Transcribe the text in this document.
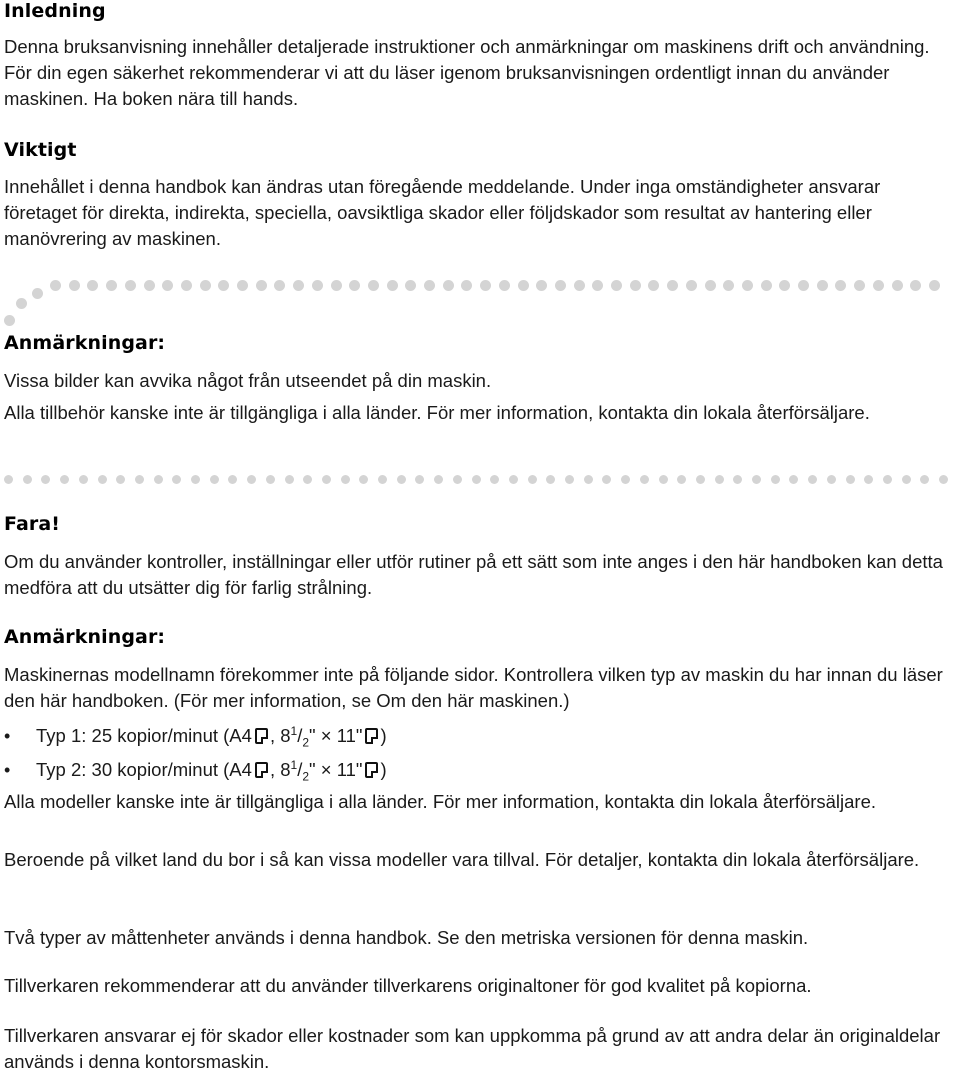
Inledning
Denna bruksanvisning innehåller detaljerade instruktioner och anmärkningar om maskinens drift och användning. För din egen säkerhet rekommenderar vi att du läser igenom bruksanvisningen ordentligt innan du använder maskinen. Ha boken nära till hands.
Viktigt
Innehållet i denna handbok kan ändras utan föregående meddelande. Under inga omständigheter ansvarar företaget för direkta, indirekta, speciella, oavsiktliga skador eller följdskador som resultat av hantering eller manövrering av maskinen.
Anmärkningar:
Vissa bilder kan avvika något från utseendet på din maskin.
Alla tillbehör kanske inte är tillgängliga i alla länder. För mer information, kontakta din lokala återförsäljare.
Fara!
Om du använder kontroller, inställningar eller utför rutiner på ett sätt som inte anges i den här handboken kan detta medföra att du utsätter dig för farlig strålning.
Anmärkningar:
Maskinernas modellnamn förekommer inte på följande sidor. Kontrollera vilken typ av maskin du har innan du läser den här handboken. (För mer information, se Om den här maskinen.)
• Typ 1: 25 kopior/minut (A4 , $8^1/_2$" × 11" )
• Typ 2: 30 kopior/minut (A4 , $8^1/_2$" × 11" )
Alla modeller kanske inte är tillgängliga i alla länder. För mer information, kontakta din lokala återförsäljare.
Beroende på vilket land du bor i så kan vissa modeller vara tillval. För detaljer, kontakta din lokala återförsäljare.
Två typer av måttenheter används i denna handbok. Se den metriska versionen för denna maskin.
Tillverkaren rekommenderar att du använder tillverkarens originaltoner för god kvalitet på kopiorna.
Tillverkaren ansvarar ej för skador eller kostnader som kan uppkomma på grund av att andra delar än originaldelar används i denna kontorsmaskin.
